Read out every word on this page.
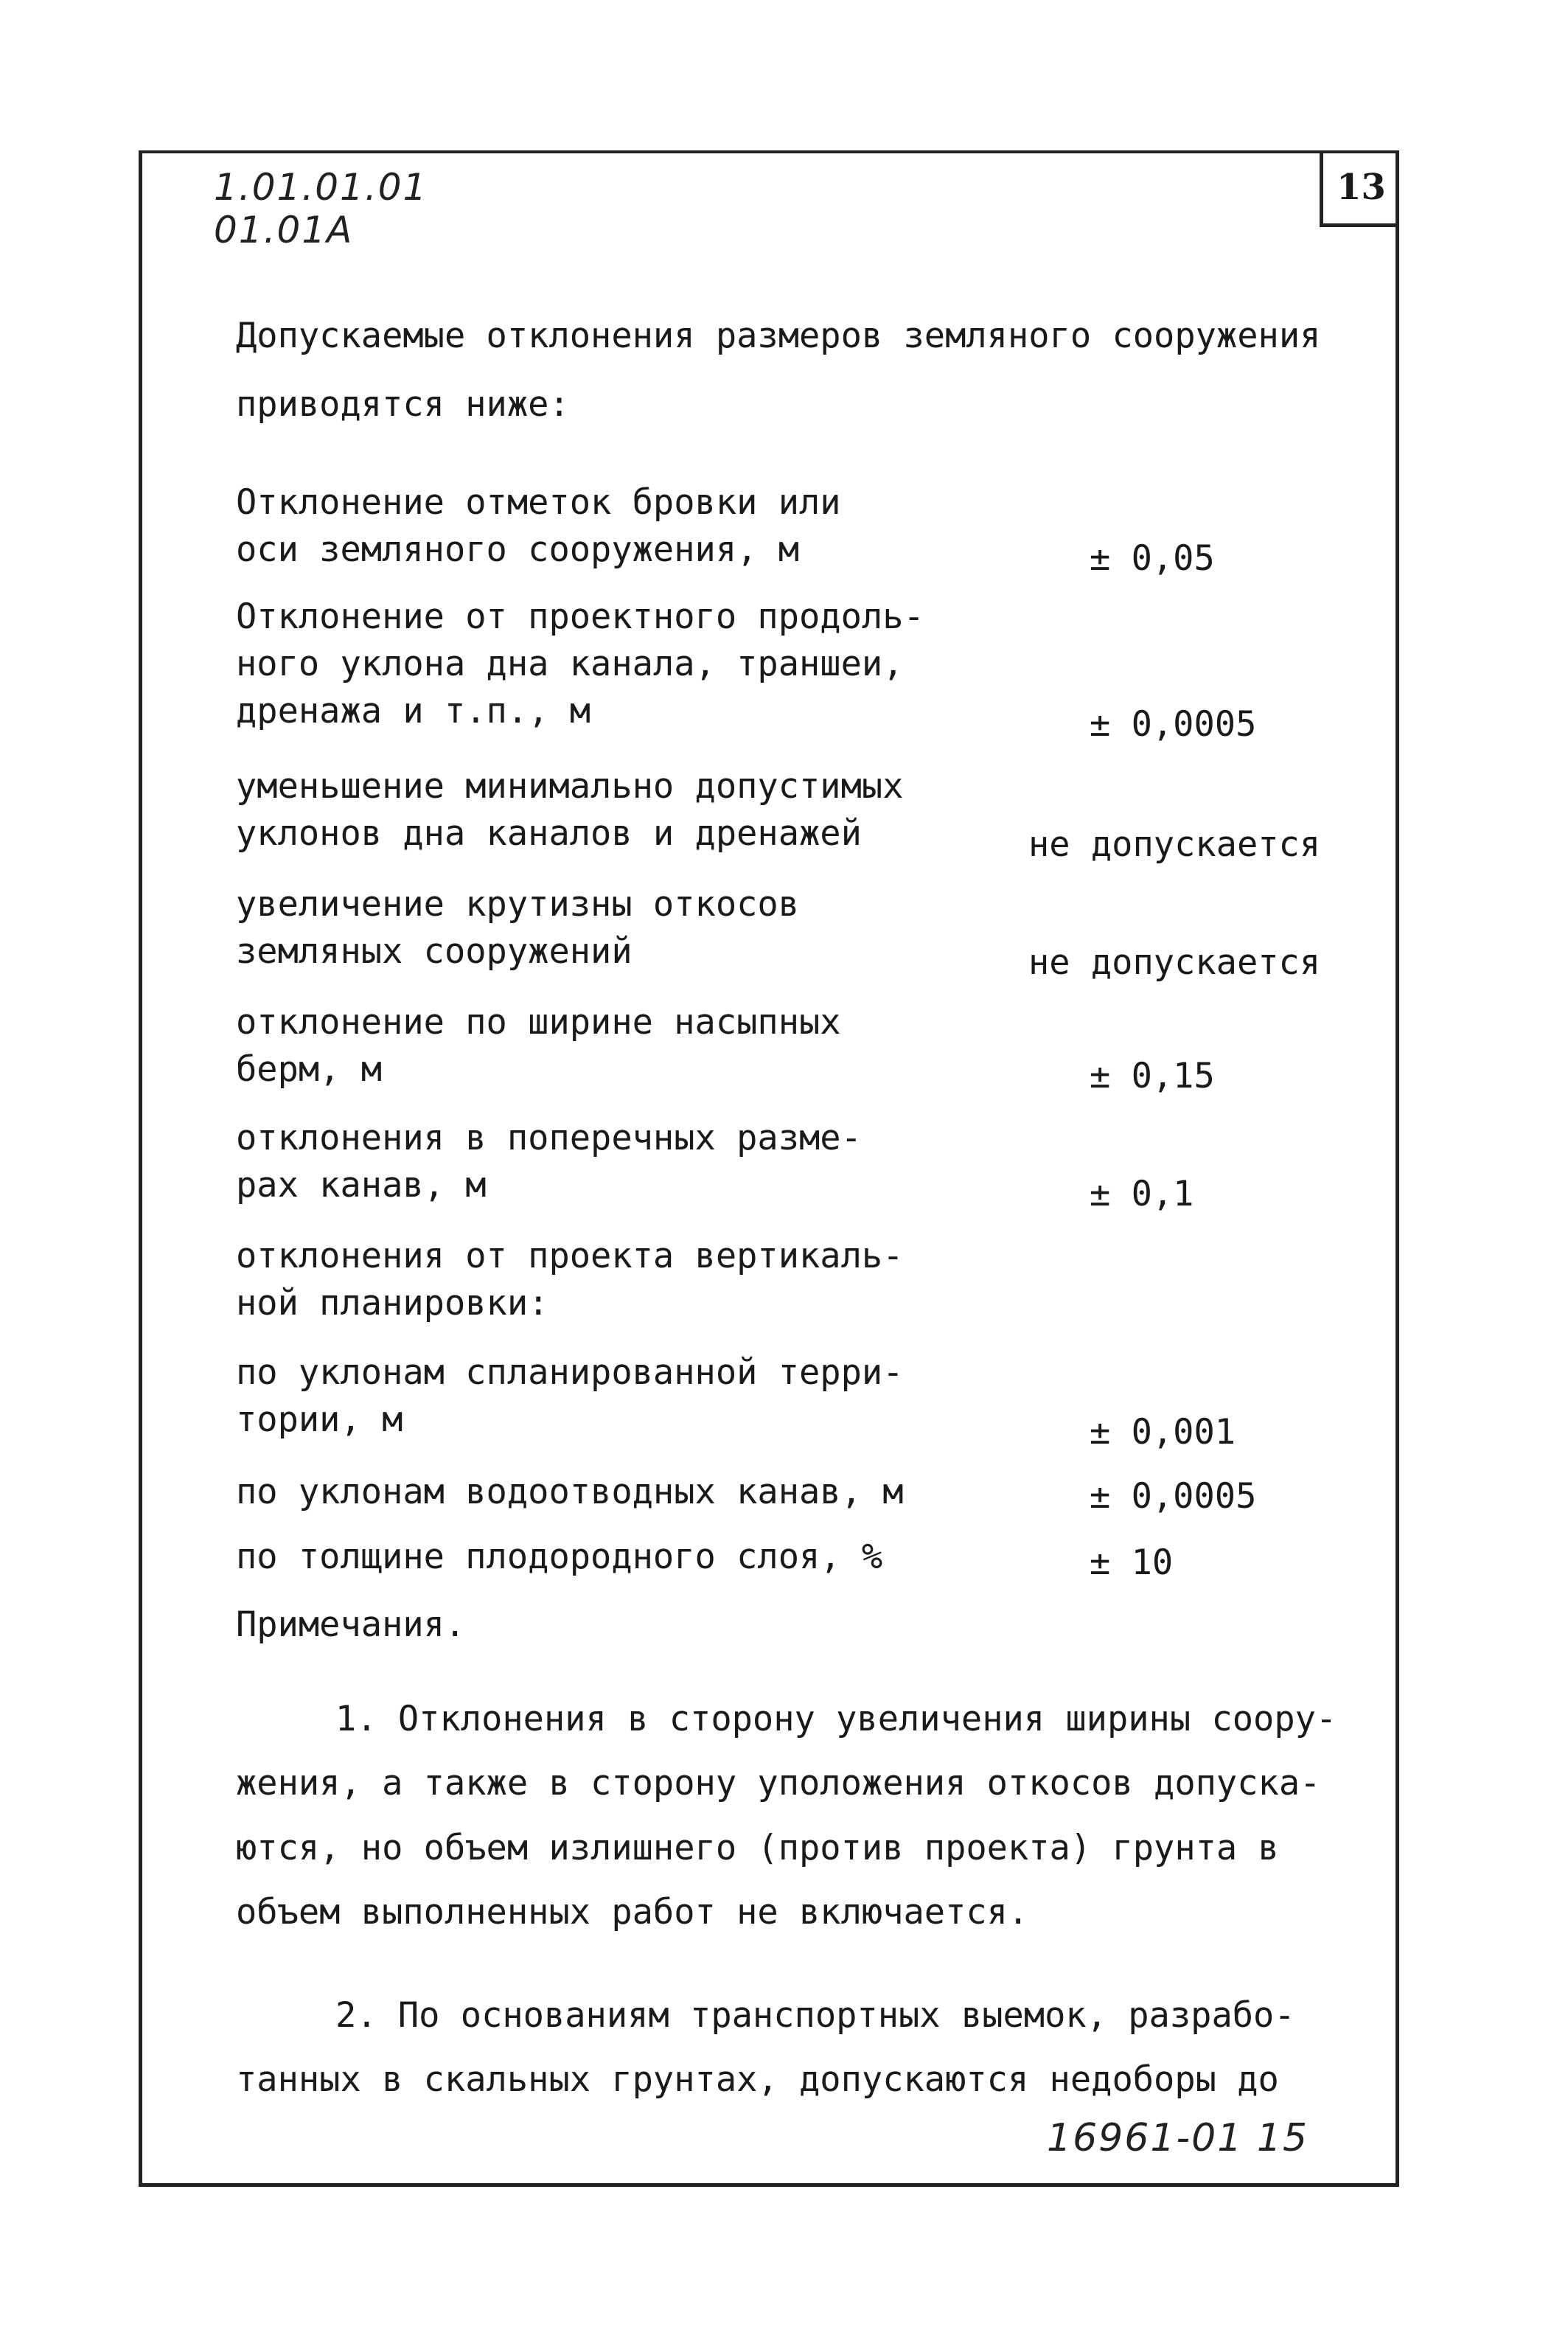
13
1.01.01.01
01.01A
Допускаемые отклонения размеров земляного сооружения
приводятся ниже:
Отклонение отметок бровки или
оси земляного сооружения, м	± 0,05
Отклонение от проектного продоль-
ного уклона дна канала, траншеи,
дренажа и т.п., м	± 0,0005
уменьшение минимально допустимых
уклонов дна каналов и дренажей	не допускается
увеличение крутизны откосов
земляных сооружений	не допускается
отклонение по ширине насыпных
берм, м	± 0,15
отклонения в поперечных разме-
рах канав, м	± 0,1
отклонения от проекта вертикаль-
ной планировки:
по уклонам спланированной терри-
тории, м	± 0,001
по уклонам водоотводных канав, м	± 0,0005
по толщине плодородного слоя, %	± 10
Примечания.
1. Отклонения в сторону увеличения ширины соору-
жения, а также в сторону уположения откосов допуска-
ются, но объем излишнего (против проекта) грунта в
объем выполненных работ не включается.
2. По основаниям транспортных выемок, разрабо-
танных в скальных грунтах, допускаются недоборы до
16961-01 15
